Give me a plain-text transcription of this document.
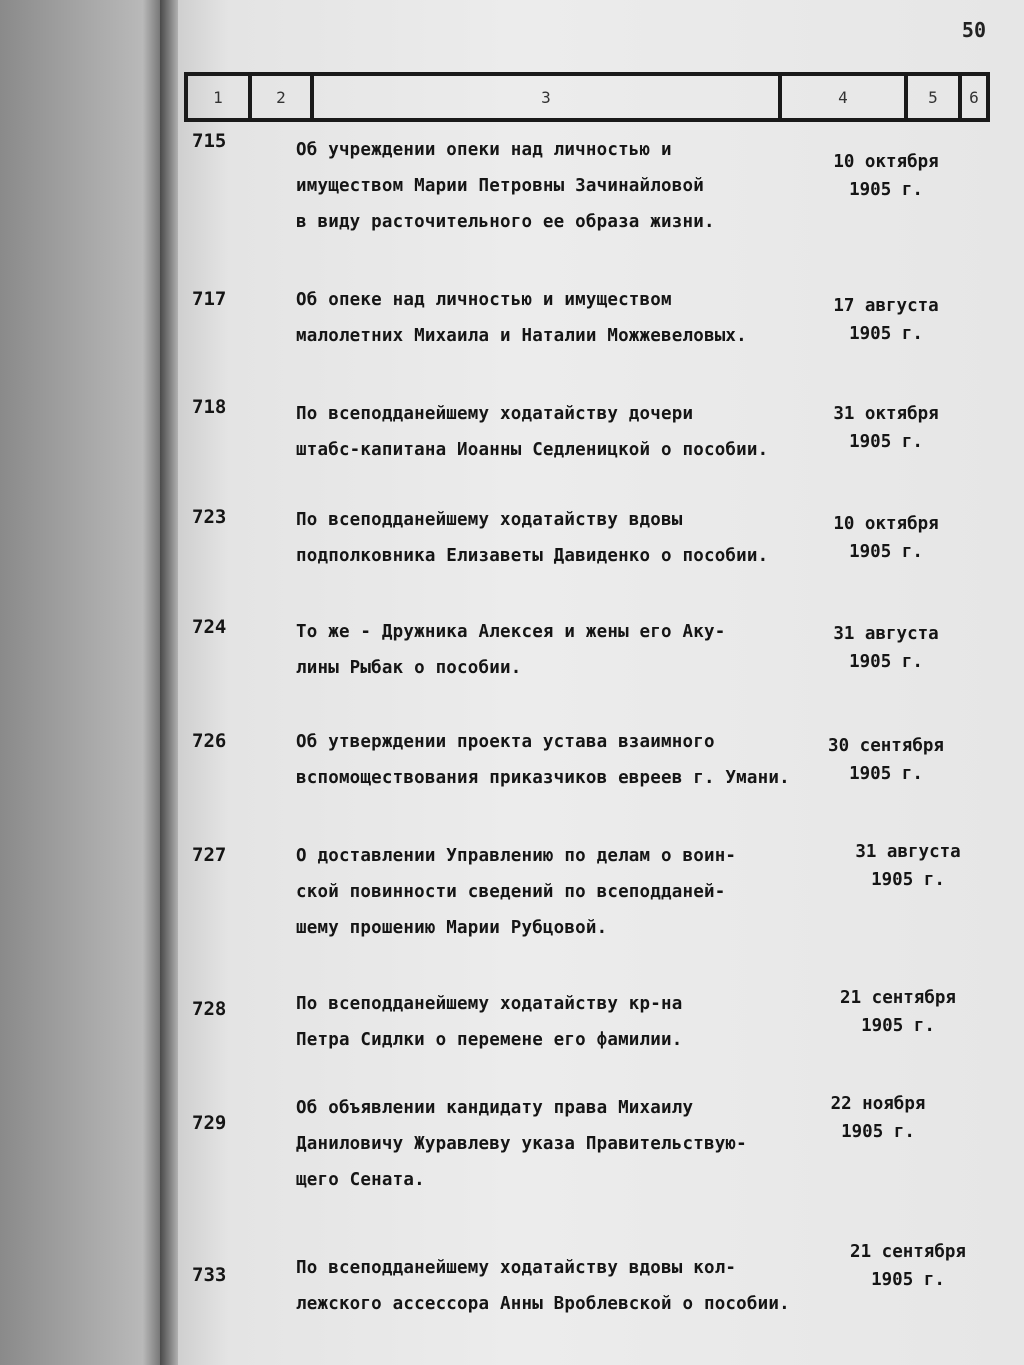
50
1	2	3	4	5	6
715	Об учреждении опеки над личностью и
имуществом Марии Петровны Зачинайловой
в виду расточительного ее образа жизни.
10 октября
1905 г.
717	Об опеке над личностью и имуществом
малолетних Михаила и Наталии Можжевеловых.
17 августа
1905 г.
718	По всеподданейшему ходатайству дочери
штабс-капитана Иоанны Седленицкой о пособии.
31 октября
1905 г.
723	По всеподданейшему ходатайству вдовы
подполковника Елизаветы Давиденко о пособии.
10 октября
1905 г.
724	То же - Дружника Алексея и жены его Аку-
лины Рыбак о пособии.
31 августа
1905 г.
726	Об утверждении проекта устава взаимного
вспомоществования приказчиков евреев г. Умани.
30 сентября
1905 г.
727	О доставлении Управлению по делам о воин-
ской повинности сведений по всеподданей-
шему прошению Марии Рубцовой.
31 августа
1905 г.
728	По всеподданейшему ходатайству кр-на
Петра Сидлки о перемене его фамилии.
21 сентября
1905 г.
729
Об объявлении кандидату права Михаилу
Даниловичу Журавлеву указа Правительствую-
щего Сената.
22 ноября
1905 г.
733	По всеподданейшему ходатайству вдовы кол-
лежского ассессора Анны Вроблевской о пособии.
21 сентября
1905 г.
